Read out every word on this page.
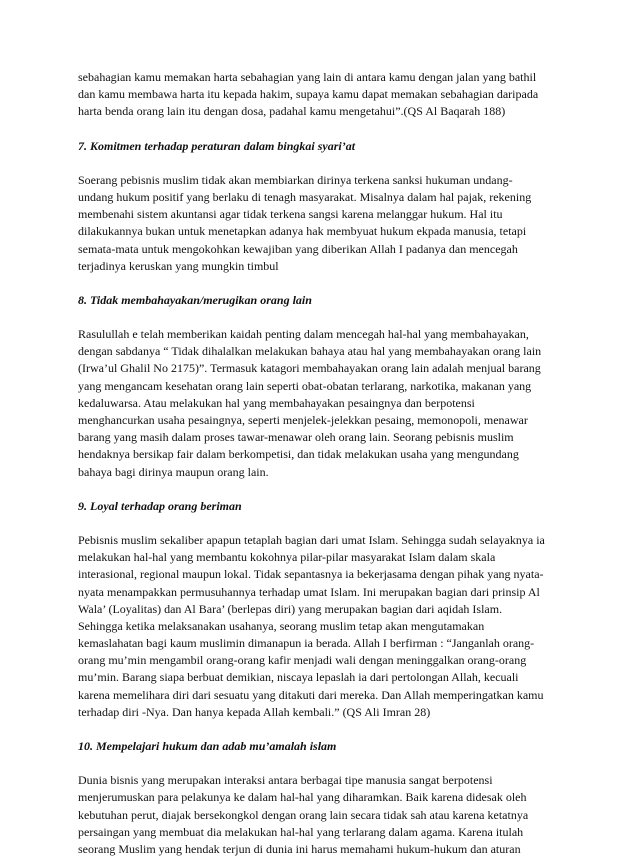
sebahagian kamu memakan harta sebahagian yang lain di antara kamu dengan jalan yang bathil
dan kamu membawa harta itu kepada hakim, supaya kamu dapat memakan sebahagian daripada
harta benda orang lain itu dengan dosa, padahal kamu mengetahui”.(QS Al Baqarah 188)
7. Komitmen terhadap peraturan dalam bingkai syari’at
Soerang pebisnis muslim tidak akan membiarkan dirinya terkena sanksi hukuman undang-
undang hukum positif yang berlaku di tenagh masyarakat. Misalnya dalam hal pajak, rekening
membenahi sistem akuntansi agar tidak terkena sangsi karena melanggar hukum. Hal itu
dilakukannya bukan untuk menetapkan adanya hak membyuat hukum ekpada manusia, tetapi
semata-mata untuk mengokohkan kewajiban yang diberikan Allah I padanya dan mencegah
terjadinya keruskan yang mungkin timbul
8. Tidak membahayakan/merugikan orang lain
Rasulullah e telah memberikan kaidah penting dalam mencegah hal-hal yang membahayakan,
dengan sabdanya “ Tidak dihalalkan melakukan bahaya atau hal yang membahayakan orang lain
(Irwa’ul Ghalil No 2175)”. Termasuk katagori membahayakan orang lain adalah menjual barang
yang mengancam kesehatan orang lain seperti obat-obatan terlarang, narkotika, makanan yang
kedaluwarsa. Atau melakukan hal yang membahayakan pesaingnya dan berpotensi
menghancurkan usaha pesaingnya, seperti menjelek-jelekkan pesaing, memonopoli, menawar
barang yang masih dalam proses tawar-menawar oleh orang lain. Seorang pebisnis muslim
hendaknya bersikap fair dalam berkompetisi, dan tidak melakukan usaha yang mengundang
bahaya bagi dirinya maupun orang lain.
9. Loyal terhadap orang beriman
Pebisnis muslim sekaliber apapun tetaplah bagian dari umat Islam. Sehingga sudah selayaknya ia
melakukan hal-hal yang membantu kokohnya pilar-pilar masyarakat Islam dalam skala
interasional, regional maupun lokal. Tidak sepantasnya ia bekerjasama dengan pihak yang nyata-
nyata menampakkan permusuhannya terhadap umat Islam. Ini merupakan bagian dari prinsip Al
Wala’ (Loyalitas) dan Al Bara’ (berlepas diri) yang merupakan bagian dari aqidah Islam.
Sehingga ketika melaksanakan usahanya, seorang muslim tetap akan mengutamakan
kemaslahatan bagi kaum muslimin dimanapun ia berada. Allah I berfirman : “Janganlah orang-
orang mu’min mengambil orang-orang kafir menjadi wali dengan meninggalkan orang-orang
mu’min. Barang siapa berbuat demikian, niscaya lepaslah ia dari pertolongan Allah, kecuali
karena memelihara diri dari sesuatu yang ditakuti dari mereka. Dan Allah memperingatkan kamu
terhadap diri -Nya. Dan hanya kepada Allah kembali.” (QS Ali Imran 28)
10. Mempelajari hukum dan adab mu’amalah islam
Dunia bisnis yang merupakan interaksi antara berbagai tipe manusia sangat berpotensi
menjerumuskan para pelakunya ke dalam hal-hal yang diharamkan. Baik karena didesak oleh
kebutuhan perut, diajak bersekongkol dengan orang lain secara tidak sah atau karena ketatnya
persaingan yang membuat dia melakukan hal-hal yang terlarang dalam agama. Karena itulah
seorang Muslim yang hendak terjun di dunia ini harus memahami hukum-hukum dan aturan
